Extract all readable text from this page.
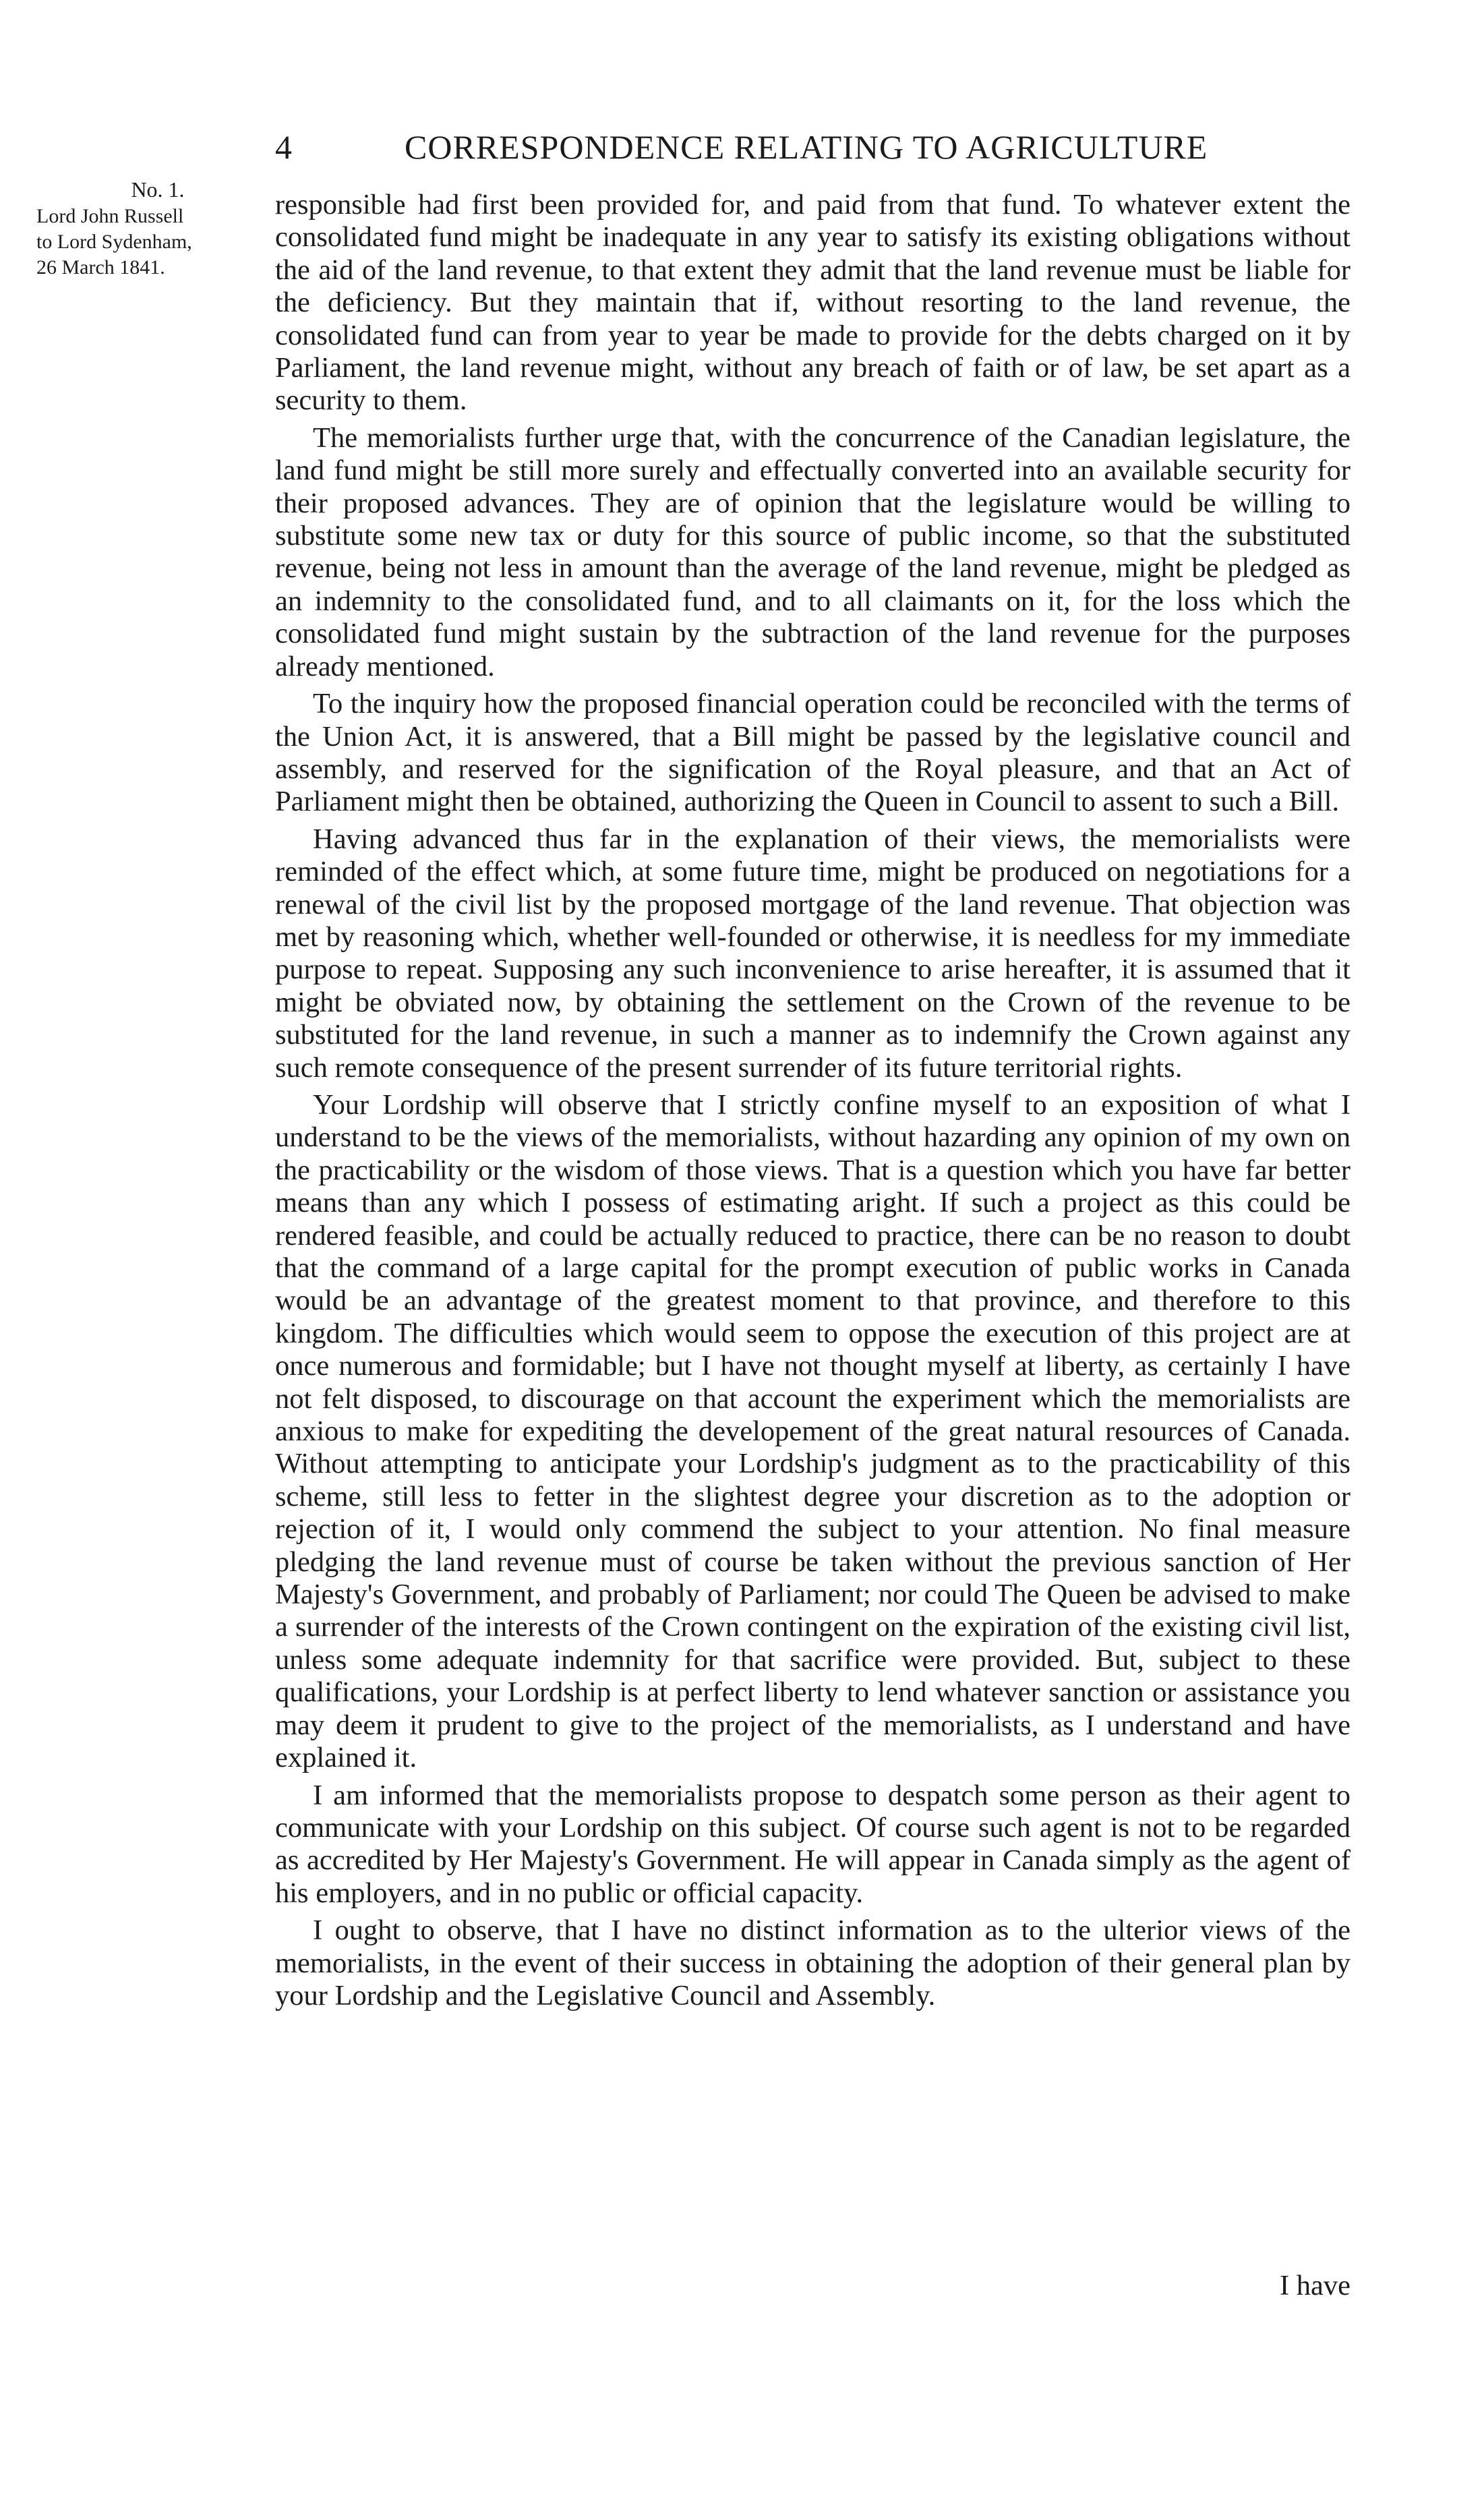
4	CORRESPONDENCE RELATING TO AGRICULTURE
No. 1.
Lord John Russell
to Lord Sydenham,
26 March 1841.

responsible had first been provided for, and paid from that fund. To whatever extent the consolidated fund might be inadequate in any year to satisfy its existing obligations without the aid of the land revenue, to that extent they admit that the land revenue must be liable for the deficiency. But they maintain that if, without resorting to the land revenue, the consolidated fund can from year to year be made to provide for the debts charged on it by Parliament, the land revenue might, without any breach of faith or of law, be set apart as a security to them.

The memorialists further urge that, with the concurrence of the Canadian legislature, the land fund might be still more surely and effectually converted into an available security for their proposed advances. They are of opinion that the legislature would be willing to substitute some new tax or duty for this source of public income, so that the substituted revenue, being not less in amount than the average of the land revenue, might be pledged as an indemnity to the consolidated fund, and to all claimants on it, for the loss which the consolidated fund might sustain by the subtraction of the land revenue for the purposes already mentioned.

To the inquiry how the proposed financial operation could be reconciled with the terms of the Union Act, it is answered, that a Bill might be passed by the legislative council and assembly, and reserved for the signification of the Royal pleasure, and that an Act of Parliament might then be obtained, authorizing the Queen in Council to assent to such a Bill.

Having advanced thus far in the explanation of their views, the memorialists were reminded of the effect which, at some future time, might be produced on negotiations for a renewal of the civil list by the proposed mortgage of the land revenue. That objection was met by reasoning which, whether well-founded or otherwise, it is needless for my immediate purpose to repeat. Supposing any such inconvenience to arise hereafter, it is assumed that it might be obviated now, by obtaining the settlement on the Crown of the revenue to be substituted for the land revenue, in such a manner as to indemnify the Crown against any such remote consequence of the present surrender of its future territorial rights.

Your Lordship will observe that I strictly confine myself to an exposition of what I understand to be the views of the memorialists, without hazarding any opinion of my own on the practicability or the wisdom of those views. That is a question which you have far better means than any which I possess of estimating aright. If such a project as this could be rendered feasible, and could be actually reduced to practice, there can be no reason to doubt that the command of a large capital for the prompt execution of public works in Canada would be an advantage of the greatest moment to that province, and therefore to this kingdom. The difficulties which would seem to oppose the execution of this project are at once numerous and formidable; but I have not thought myself at liberty, as certainly I have not felt disposed, to discourage on that account the experiment which the memorialists are anxious to make for expediting the developement of the great natural resources of Canada. Without attempting to anticipate your Lordship's judgment as to the practicability of this scheme, still less to fetter in the slightest degree your discretion as to the adoption or rejection of it, I would only commend the subject to your attention. No final measure pledging the land revenue must of course be taken without the previous sanction of Her Majesty's Government, and probably of Parliament; nor could The Queen be advised to make a surrender of the interests of the Crown contingent on the expiration of the existing civil list, unless some adequate indemnity for that sacrifice were provided. But, subject to these qualifications, your Lordship is at perfect liberty to lend whatever sanction or assistance you may deem it prudent to give to the project of the memorialists, as I understand and have explained it.

I am informed that the memorialists propose to despatch some person as their agent to communicate with your Lordship on this subject. Of course such agent is not to be regarded as accredited by Her Majesty's Government. He will appear in Canada simply as the agent of his employers, and in no public or official capacity.

I ought to observe, that I have no distinct information as to the ulterior views of the memorialists, in the event of their success in obtaining the adoption of their general plan by your Lordship and the Legislative Council and Assembly.

I have
